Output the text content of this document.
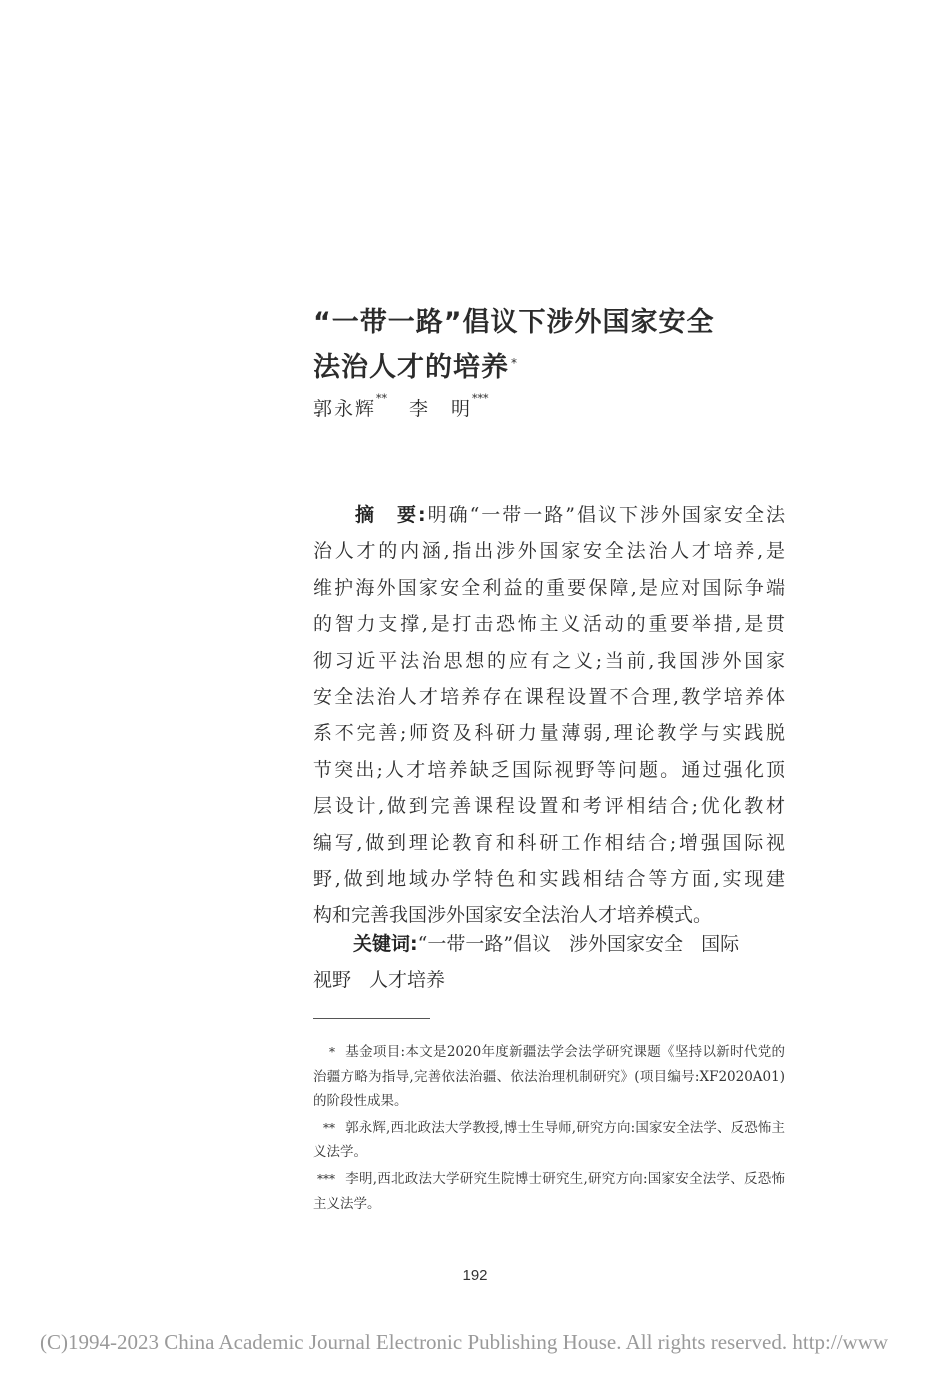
“一带一路”倡议下涉外国家安全
法治人才的培养 *
郭永辉** 李　明***
摘　要:明确“一带一路”倡议下涉外国家安全法
治人才的内涵,指出涉外国家安全法治人才培养,是
维护海外国家安全利益的重要保障,是应对国际争端
的智力支撑,是打击恐怖主义活动的重要举措,是贯
彻习近平法治思想的应有之义;当前,我国涉外国家
安全法治人才培养存在课程设置不合理,教学培养体
系不完善;师资及科研力量薄弱,理论教学与实践脱
节突出;人才培养缺乏国际视野等问题。通过强化顶
层设计,做到完善课程设置和考评相结合;优化教材
编写,做到理论教育和科研工作相结合;增强国际视
野,做到地域办学特色和实践相结合等方面,实现建
构和完善我国涉外国家安全法治人才培养模式。
关键词:“一带一路”倡议 涉外国家安全 国际
视野 人才培养

* 基金项目:本文是2020年度新疆法学会法学研究课题《坚持以新时代党的治疆方略为指导,完善依法治疆、依法治理机制研究》(项目编号:XF2020A01)的阶段性成果。

** 郭永辉,西北政法大学教授,博士生导师,研究方向:国家安全法学、反恐怖主义法学。

*** 李明,西北政法大学研究生院博士研究生,研究方向:国家安全法学、反恐怖主义法学。

192
(C)1994-2023 China Academic Journal Electronic Publishing House. All rights reserved. http://www
